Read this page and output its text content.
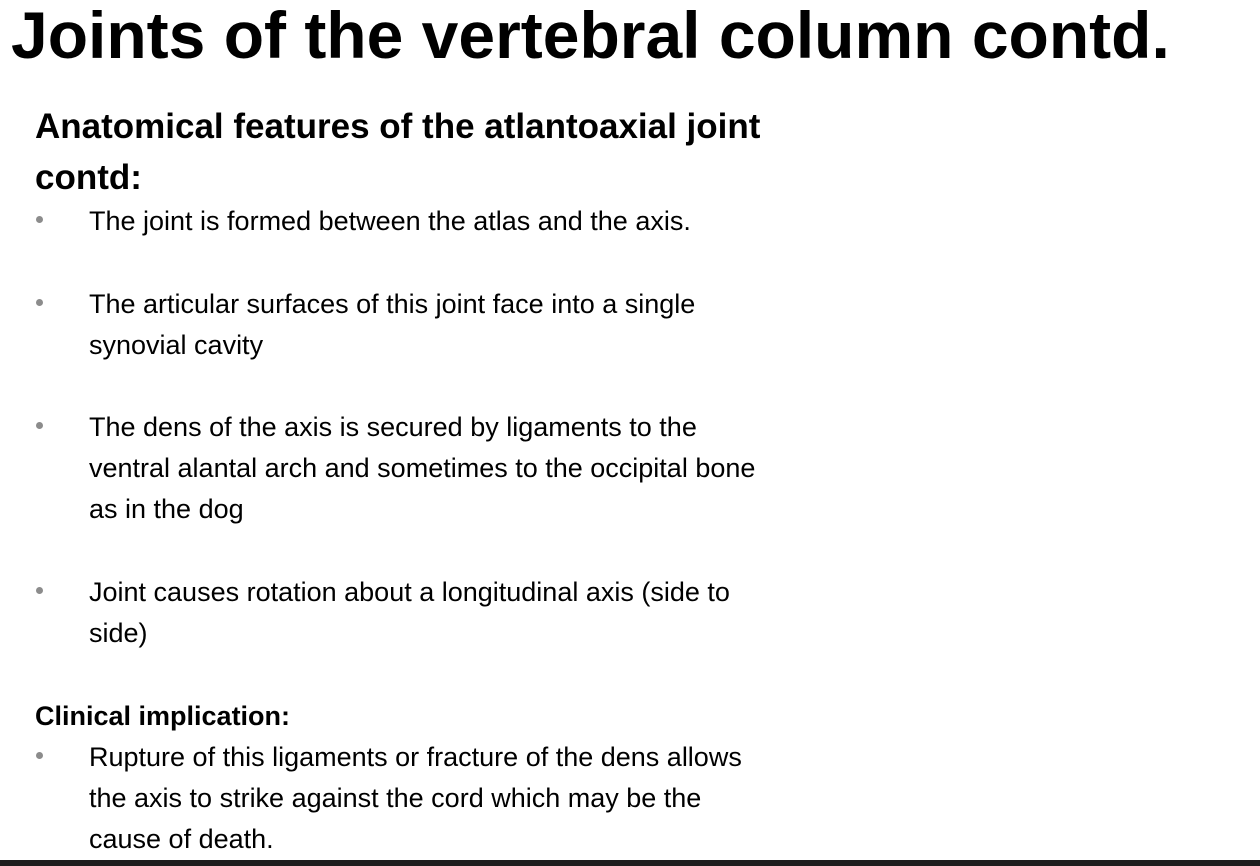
Joints of the vertebral column contd.
Anatomical features of the atlantoaxial joint contd:
The joint is formed between the atlas and the axis.
The articular surfaces of this joint face into a single
synovial cavity
The dens of the axis is secured by ligaments to the
ventral alantal arch and sometimes to the occipital bone
as in the dog
Joint causes rotation about a longitudinal axis (side to
side)
Clinical implication:
Rupture of this ligaments or fracture of the dens allows
the axis to strike against the cord which may be the
cause of death.
